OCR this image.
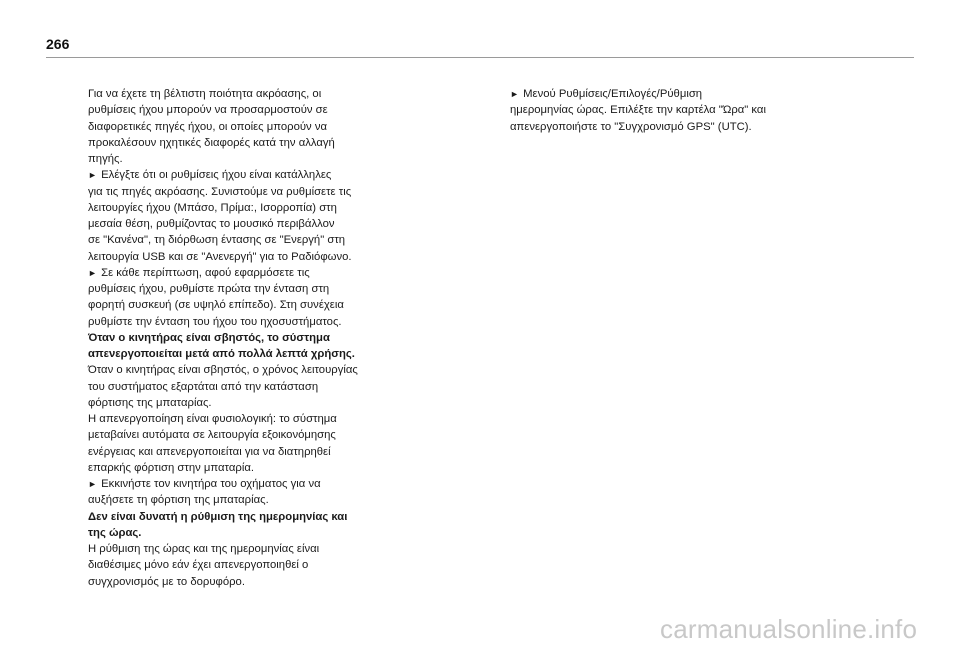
266
Για να έχετε τη βέλτιστη ποιότητα ακρόασης, οι
ρυθμίσεις ήχου μπορούν να προσαρμοστούν σε
διαφορετικές πηγές ήχου, οι οποίες μπορούν να
προκαλέσουν ηχητικές διαφορές κατά την αλλαγή
πηγής.
► Ελέγξτε ότι οι ρυθμίσεις ήχου είναι κατάλληλες
για τις πηγές ακρόασης. Συνιστούμε να ρυθμίσετε τις
λειτουργίες ήχου (Μπάσο, Πρίμα:, Ισορροπία) στη
μεσαία θέση, ρυθμίζοντας το μουσικό περιβάλλον
σε "Κανένα", τη διόρθωση έντασης σε "Ενεργή" στη
λειτουργία USB και σε "Ανενεργή" για το Ραδιόφωνο.
► Σε κάθε περίπτωση, αφού εφαρμόσετε τις
ρυθμίσεις ήχου, ρυθμίστε πρώτα την ένταση στη
φορητή συσκευή (σε υψηλό επίπεδο). Στη συνέχεια
ρυθμίστε την ένταση του ήχου του ηχοσυστήματος.
Όταν ο κινητήρας είναι σβηστός, το σύστημα
απενεργοποιείται μετά από πολλά λεπτά χρήσης.
Όταν ο κινητήρας είναι σβηστός, ο χρόνος λειτουργίας
του συστήματος εξαρτάται από την κατάσταση
φόρτισης της μπαταρίας.
Η απενεργοποίηση είναι φυσιολογική: το σύστημα
μεταβαίνει αυτόματα σε λειτουργία εξοικονόμησης
ενέργειας και απενεργοποιείται για να διατηρηθεί
επαρκής φόρτιση στην μπαταρία.
► Εκκινήστε τον κινητήρα του οχήματος για να
αυξήσετε τη φόρτιση της μπαταρίας.
Δεν είναι δυνατή η ρύθμιση της ημερομηνίας και
της ώρας.
Η ρύθμιση της ώρας και της ημερομηνίας είναι
διαθέσιμες μόνο εάν έχει απενεργοποιηθεί ο
συγχρονισμός με το δορυφόρο.
► Μενού Ρυθμίσεις/Επιλογές/Ρύθμιση
ημερομηνίας ώρας. Επιλέξτε την καρτέλα "Ώρα" και
απενεργοποιήστε το "Συγχρονισμό GPS" (UTC).
carmanualsonline.info
